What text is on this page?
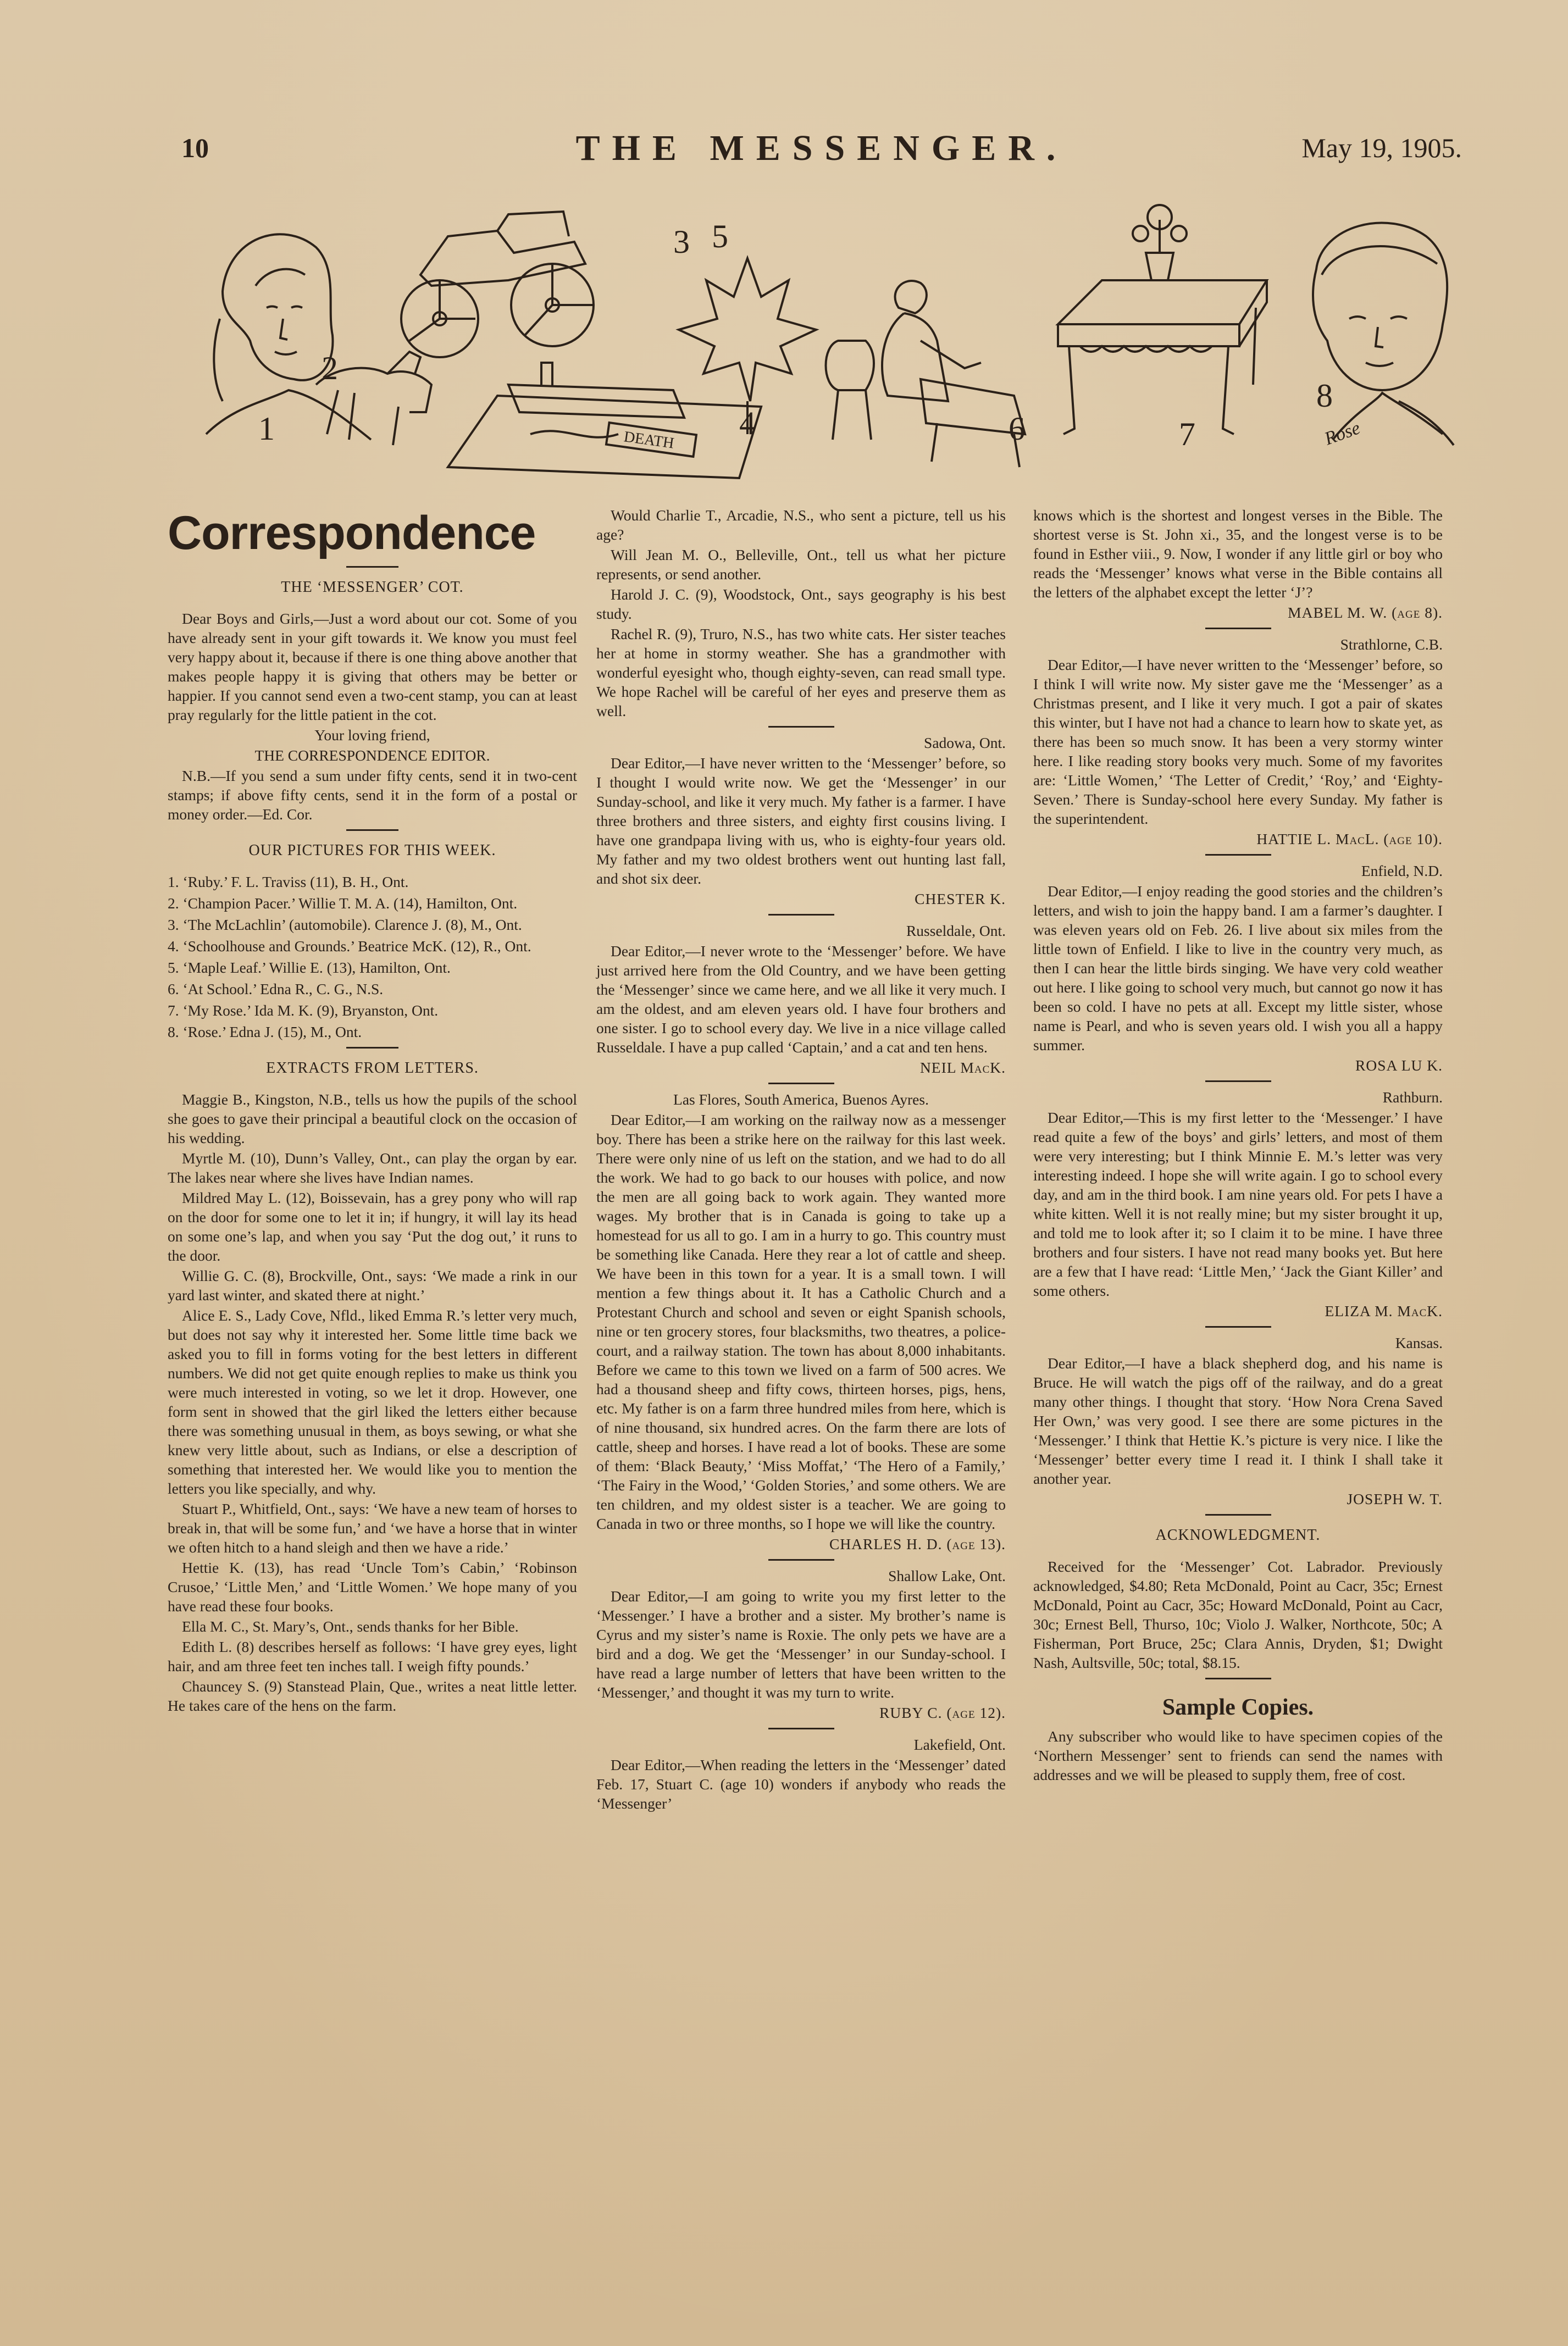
10	THE MESSENGER.	May 19, 1905.
1
2
3 5
4	6	7
8
DEATH	Rose
Correspondence
THE ‘MESSENGER’ COT.

Dear Boys and Girls,—Just a word about our cot. Some of you have already sent in your gift towards it. We know you must feel very happy about it, because if there is one thing above another that makes people happy it is giving that others may be better or happier. If you cannot send even a two-cent stamp, you can at least pray regularly for the little patient in the cot.

Your loving friend,

THE CORRESPONDENCE EDITOR.

N.B.—If you send a sum under fifty cents, send it in two-cent stamps; if above fifty cents, send it in the form of a postal or money order.—Ed. Cor.

OUR PICTURES FOR THIS WEEK.
1. ‘Ruby.’ F. L. Traviss (11), B. H., Ont.
2. ‘Champion Pacer.’ Willie T. M. A. (14), Hamilton, Ont.
3. ‘The McLachlin’ (automobile). Clarence J. (8), M., Ont.
4. ‘Schoolhouse and Grounds.’ Beatrice McK. (12), R., Ont.
5. ‘Maple Leaf.’ Willie E. (13), Hamilton, Ont.
6. ‘At School.’ Edna R., C. G., N.S.
7. ‘My Rose.’ Ida M. K. (9), Bryanston, Ont.
8. ‘Rose.’ Edna J. (15), M., Ont.
EXTRACTS FROM LETTERS.

Maggie B., Kingston, N.B., tells us how the pupils of the school she goes to gave their principal a beautiful clock on the occasion of his wedding.

Myrtle M. (10), Dunn’s Valley, Ont., can play the organ by ear. The lakes near where she lives have Indian names.

Mildred May L. (12), Boissevain, has a grey pony who will rap on the door for some one to let it in; if hungry, it will lay its head on some one’s lap, and when you say ‘Put the dog out,’ it runs to the door.

Willie G. C. (8), Brockville, Ont., says: ‘We made a rink in our yard last winter, and skated there at night.’

Alice E. S., Lady Cove, Nfld., liked Emma R.’s letter very much, but does not say why it interested her. Some little time back we asked you to fill in forms voting for the best letters in different numbers. We did not get quite enough replies to make us think you were much interested in voting, so we let it drop. However, one form sent in showed that the girl liked the letters either because there was something unusual in them, as boys sewing, or what she knew very little about, such as Indians, or else a description of something that interested her. We would like you to mention the letters you like specially, and why.

Stuart P., Whitfield, Ont., says: ‘We have a new team of horses to break in, that will be some fun,’ and ‘we have a horse that in winter we often hitch to a hand sleigh and then we have a ride.’

Hettie K. (13), has read ‘Uncle Tom’s Cabin,’ ‘Robinson Crusoe,’ ‘Little Men,’ and ‘Little Women.’ We hope many of you have read these four books.

Ella M. C., St. Mary’s, Ont., sends thanks for her Bible.

Edith L. (8) describes herself as follows: ‘I have grey eyes, light hair, and am three feet ten inches tall. I weigh fifty pounds.’

Chauncey S. (9) Stanstead Plain, Que., writes a neat little letter. He takes care of the hens on the farm.

Would Charlie T., Arcadie, N.S., who sent a picture, tell us his age?

Will Jean M. O., Belleville, Ont., tell us what her picture represents, or send another.

Harold J. C. (9), Woodstock, Ont., says geography is his best study.

Rachel R. (9), Truro, N.S., has two white cats. Her sister teaches her at home in stormy weather. She has a grandmother with wonderful eyesight who, though eighty-seven, can read small type. We hope Rachel will be careful of her eyes and preserve them as well.

Sadowa, Ont.

Dear Editor,—I have never written to the ‘Messenger’ before, so I thought I would write now. We get the ‘Messenger’ in our Sunday-school, and like it very much. My father is a farmer. I have three brothers and three sisters, and eighty first cousins living. I have one grandpapa living with us, who is eighty-four years old. My father and my two oldest brothers went out hunting last fall, and shot six deer.

CHESTER K.
Russeldale, Ont.

Dear Editor,—I never wrote to the ‘Messenger’ before. We have just arrived here from the Old Country, and we have been getting the ‘Messenger’ since we came here, and we all like it very much. I am the oldest, and am eleven years old. I have four brothers and one sister. I go to school every day. We live in a nice village called Russeldale. I have a pup called ‘Captain,’ and a cat and ten hens.

NEIL MacK.
Las Flores, South America, Buenos Ayres.

Dear Editor,—I am working on the railway now as a messenger boy. There has been a strike here on the railway for this last week. There were only nine of us left on the station, and we had to do all the work. We had to go back to our houses with police, and now the men are all going back to work again. They wanted more wages. My brother that is in Canada is going to take up a homestead for us all to go. I am in a hurry to go. This country must be something like Canada. Here they rear a lot of cattle and sheep. We have been in this town for a year. It is a small town. I will mention a few things about it. It has a Catholic Church and a Protestant Church and school and seven or eight Spanish schools, nine or ten grocery stores, four blacksmiths, two theatres, a police-court, and a railway station. The town has about 8,000 inhabitants. Before we came to this town we lived on a farm of 500 acres. We had a thousand sheep and fifty cows, thirteen horses, pigs, hens, etc. My father is on a farm three hundred miles from here, which is of nine thousand, six hundred acres. On the farm there are lots of cattle, sheep and horses. I have read a lot of books. These are some of them: ‘Black Beauty,’ ‘Miss Moffat,’ ‘The Hero of a Family,’ ‘The Fairy in the Wood,’ ‘Golden Stories,’ and some others. We are ten children, and my oldest sister is a teacher. We are going to Canada in two or three months, so I hope we will like the country.

CHARLES H. D. (age 13).
Shallow Lake, Ont.

Dear Editor,—I am going to write you my first letter to the ‘Messenger.’ I have a brother and a sister. My brother’s name is Cyrus and my sister’s name is Roxie. The only pets we have are a bird and a dog. We get the ‘Messenger’ in our Sunday-school. I have read a large number of letters that have been written to the ‘Messenger,’ and thought it was my turn to write.

RUBY C. (age 12).
Lakefield, Ont.

Dear Editor,—When reading the letters in the ‘Messenger’ dated Feb. 17, Stuart C. (age 10) wonders if anybody who reads the ‘Messenger’

knows which is the shortest and longest verses in the Bible. The shortest verse is St. John xi., 35, and the longest verse is to be found in Esther viii., 9. Now, I wonder if any little girl or boy who reads the ‘Messenger’ knows what verse in the Bible contains all the letters of the alphabet except the letter ‘J’?

MABEL M. W. (age 8).
Strathlorne, C.B.

Dear Editor,—I have never written to the ‘Messenger’ before, so I think I will write now. My sister gave me the ‘Messenger’ as a Christmas present, and I like it very much. I got a pair of skates this winter, but I have not had a chance to learn how to skate yet, as there has been so much snow. It has been a very stormy winter here. I like reading story books very much. Some of my favorites are: ‘Little Women,’ ‘The Letter of Credit,’ ‘Roy,’ and ‘Eighty-Seven.’ There is Sunday-school here every Sunday. My father is the superintendent.

HATTIE L. MacL. (age 10).
Enfield, N.D.

Dear Editor,—I enjoy reading the good stories and the children’s letters, and wish to join the happy band. I am a farmer’s daughter. I was eleven years old on Feb. 26. I live about six miles from the little town of Enfield. I like to live in the country very much, as then I can hear the little birds singing. We have very cold weather out here. I like going to school very much, but cannot go now it has been so cold. I have no pets at all. Except my little sister, whose name is Pearl, and who is seven years old. I wish you all a happy summer.

ROSA LU K.
Rathburn.

Dear Editor,—This is my first letter to the ‘Messenger.’ I have read quite a few of the boys’ and girls’ letters, and most of them were very interesting; but I think Minnie E. M.’s letter was very interesting indeed. I hope she will write again. I go to school every day, and am in the third book. I am nine years old. For pets I have a white kitten. Well it is not really mine; but my sister brought it up, and told me to look after it; so I claim it to be mine. I have three brothers and four sisters. I have not read many books yet. But here are a few that I have read: ‘Little Men,’ ‘Jack the Giant Killer’ and some others.

ELIZA M. MacK.
Kansas.

Dear Editor,—I have a black shepherd dog, and his name is Bruce. He will watch the pigs off of the railway, and do a great many other things. I thought that story. ‘How Nora Crena Saved Her Own,’ was very good. I see there are some pictures in the ‘Messenger.’ I think that Hettie K.’s picture is very nice. I like the ‘Messenger’ better every time I read it. I think I shall take it another year.

JOSEPH W. T.
ACKNOWLEDGMENT.

Received for the ‘Messenger’ Cot. Labrador. Previously acknowledged, $4.80; Reta McDonald, Point au Cacr, 35c; Ernest McDonald, Point au Cacr, 35c; Howard McDonald, Point au Cacr, 30c; Ernest Bell, Thurso, 10c; Violo J. Walker, Northcote, 50c; A Fisherman, Port Bruce, 25c; Clara Annis, Dryden, $1; Dwight Nash, Aultsville, 50c; total, $8.15.

Sample Copies.

Any subscriber who would like to have specimen copies of the ‘Northern Messenger’ sent to friends can send the names with addresses and we will be pleased to supply them, free of cost.
